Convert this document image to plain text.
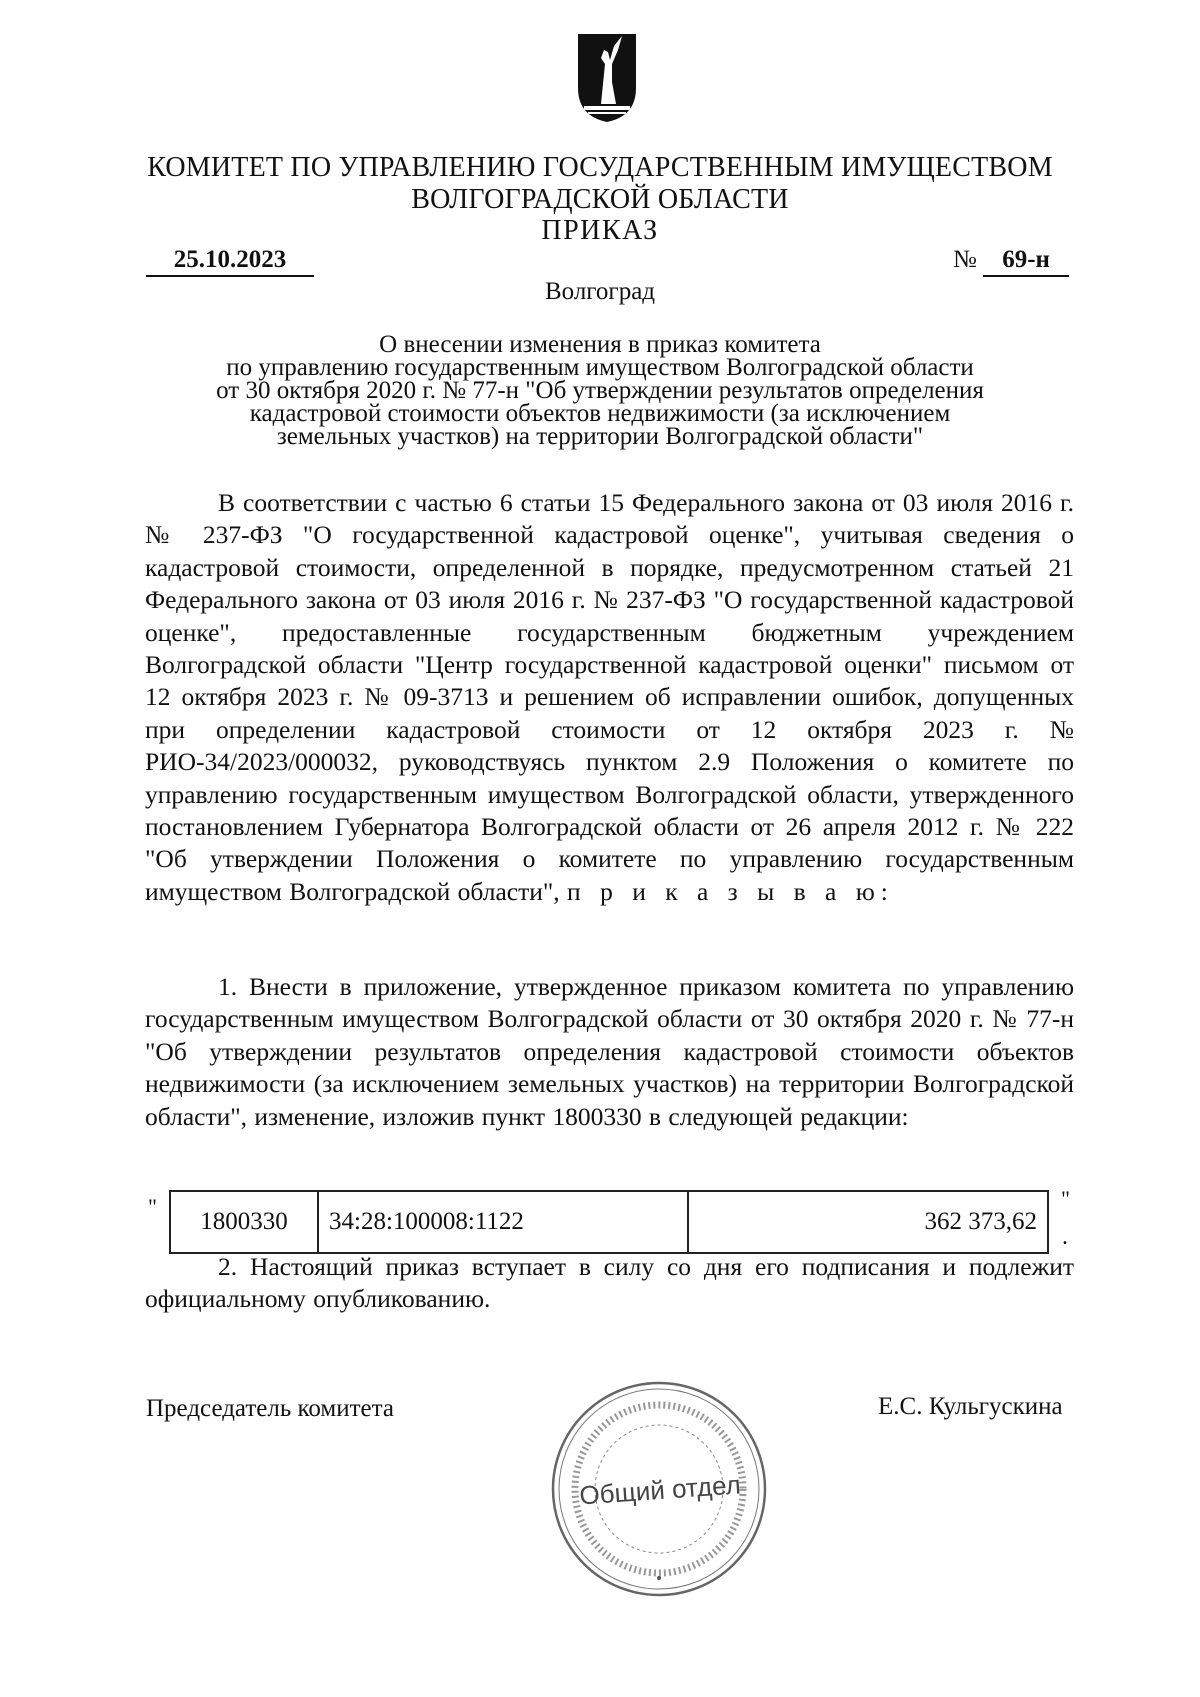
КОМИТЕТ ПО УПРАВЛЕНИЮ ГОСУДАРСТВЕННЫМ ИМУЩЕСТВОМ
ВОЛГОГРАДСКОЙ ОБЛАСТИ
ПРИКАЗ
25.10.2023	№ 69-н
Волгоград
О внесении изменения в приказ комитета
по управлению государственным имуществом Волгоградской области
от 30 октября 2020 г. № 77-н "Об утверждении результатов определения
кадастровой стоимости объектов недвижимости (за исключением
земельных участков) на территории Волгоградской области"
В соответствии с частью 6 статьи 15 Федерального закона от 03 июля 2016 г. № 237-ФЗ "О государственной кадастровой оценке", учитывая сведения о кадастровой стоимости, определенной в порядке, предусмотренном статьей 21 Федерального закона от 03 июля 2016 г. № 237-ФЗ "О государственной кадастровой оценке", предоставленные государственным бюджетным учреждением Волгоградской области "Центр государственной кадастровой оценки" письмом от 12 октября 2023 г. № 09-3713 и решением об исправлении ошибок, допущенных при определении кадастровой стоимости от 12 октября 2023 г. № РИО-34/2023/000032, руководствуясь пунктом 2.9 Положения о комитете по управлению государственным имуществом Волгоградской области, утвержденного постановлением Губернатора Волгоградской области от 26 апреля 2012 г. № 222 "Об утверждении Положения о комитете по управлению государственным имуществом Волгоградской области", п р и к а з ы в а ю:
1. Внести в приложение, утвержденное приказом комитета по управлению государственным имуществом Волгоградской области от 30 октября 2020 г. № 77-н "Об утверждении результатов определения кадастровой стоимости объектов недвижимости (за исключением земельных участков) на территории Волгоградской области", изменение, изложив пункт 1800330 в следующей редакции:
"
1800330	34:28:100008:1122	362 373,62
"
.
2. Настоящий приказ вступает в силу со дня его подписания и подлежит официальному опубликованию.
Председатель комитета	Е.С. Кульгускина
Общий отдел
